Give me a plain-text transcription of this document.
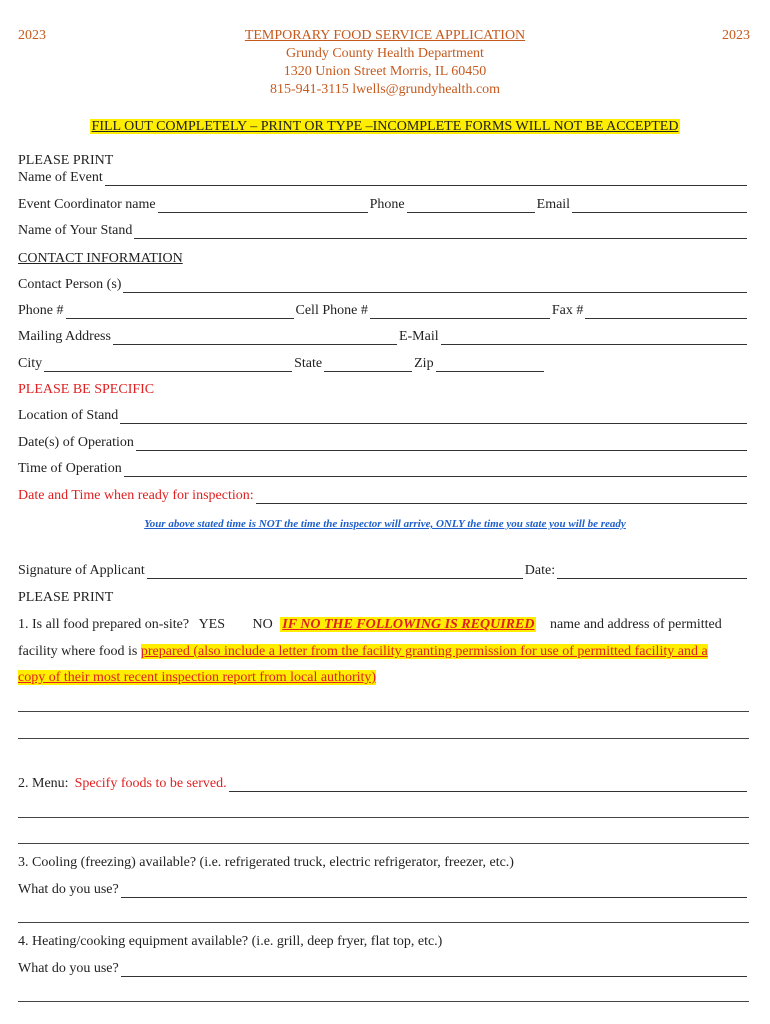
2023	2023
TEMPORARY FOOD SERVICE APPLICATION
Grundy County Health Department
1320 Union Street Morris, IL 60450
815-941-3115 lwells@grundyhealth.com
FILL OUT COMPLETELY – PRINT OR TYPE –INCOMPLETE FORMS WILL NOT BE ACCEPTED
PLEASE PRINT
Name of Event
Event Coordinator name	Phone	Email
Name of Your Stand
CONTACT INFORMATION
Contact Person (s)
Phone #	Cell Phone #	Fax #
Mailing Address	E-Mail
City	State	Zip
PLEASE BE SPECIFIC
Location of Stand
Date(s) of Operation
Time of Operation
Date and Time when ready for inspection:
Your above stated time is NOT the time the inspector will arrive, ONLY the time you state you will be ready
Signature of Applicant	Date:
PLEASE PRINT
1. Is all food prepared on-site? YES NO IF NO THE FOLLOWING IS REQUIRED name and address of permitted
facility where food is prepared (also include a letter from the facility granting permission for use of permitted facility and a
copy of their most recent inspection report from local authority)
2. Menu: Specify foods to be served.
3. Cooling (freezing) available? (i.e. refrigerated truck, electric refrigerator, freezer, etc.)
What do you use?
4. Heating/cooking equipment available? (i.e. grill, deep fryer, flat top, etc.)
What do you use?
